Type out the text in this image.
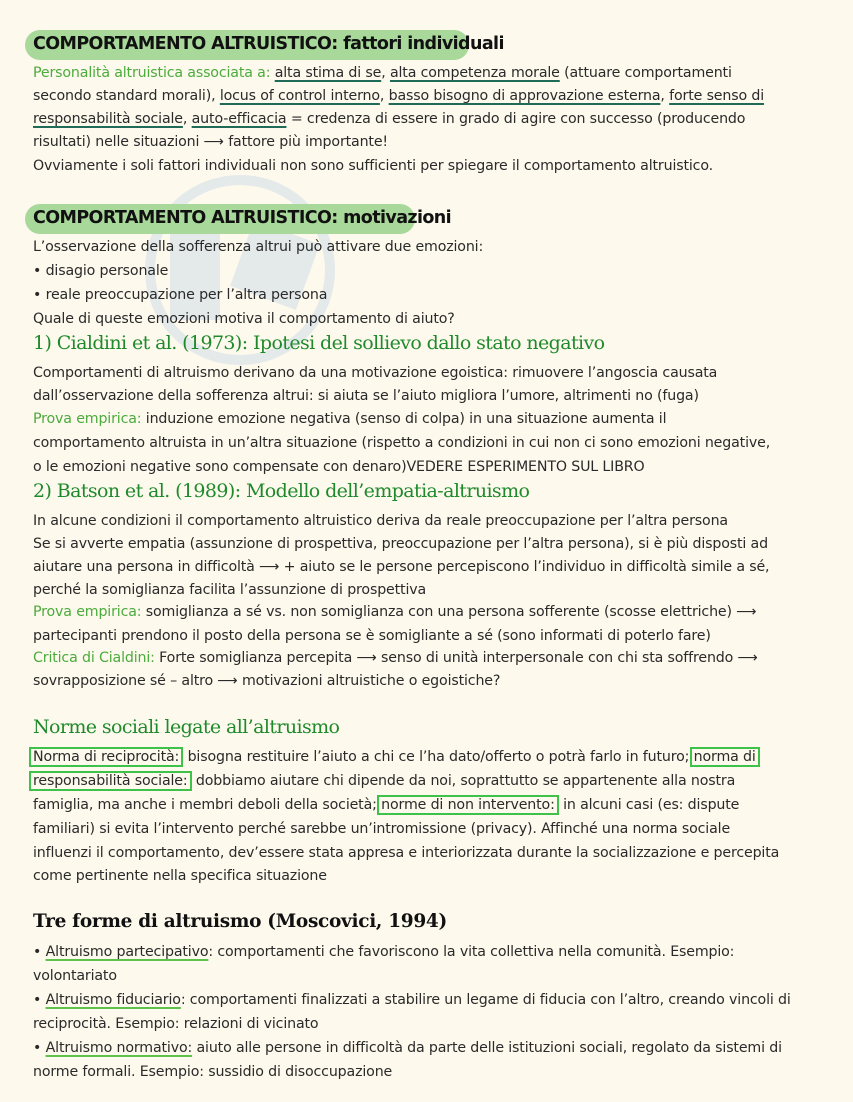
COMPORTAMENTO ALTRUISTICO: fattori individuali
Personalità altruistica associata a: alta stima di se, alta competenza morale (attuare comportamenti
secondo standard morali), locus of control interno, basso bisogno di approvazione esterna, forte senso di
responsabilità sociale, auto-efficacia = credenza di essere in grado di agire con successo (producendo
risultati) nelle situazioni ⟶ fattore più importante!
Ovviamente i soli fattori individuali non sono sufficienti per spiegare il comportamento altruistico.
COMPORTAMENTO ALTRUISTICO: motivazioni
L’osservazione della sofferenza altrui può attivare due emozioni:
• disagio personale
• reale preoccupazione per l’altra persona
Quale di queste emozioni motiva il comportamento di aiuto?
1) Cialdini et al. (1973): Ipotesi del sollievo dallo stato negativo
Comportamenti di altruismo derivano da una motivazione egoistica: rimuovere l’angoscia causata
dall’osservazione della sofferenza altrui: si aiuta se l’aiuto migliora l’umore, altrimenti no (fuga)
Prova empirica: induzione emozione negativa (senso di colpa) in una situazione aumenta il
comportamento altruista in un’altra situazione (rispetto a condizioni in cui non ci sono emozioni negative,
o le emozioni negative sono compensate con denaro)VEDERE ESPERIMENTO SUL LIBRO
2) Batson et al. (1989): Modello dell’empatia-altruismo
In alcune condizioni il comportamento altruistico deriva da reale preoccupazione per l’altra persona
Se si avverte empatia (assunzione di prospettiva, preoccupazione per l’altra persona), si è più disposti ad
aiutare una persona in difficoltà ⟶ + aiuto se le persone percepiscono l’individuo in difficoltà simile a sé,
perché la somiglianza facilita l’assunzione di prospettiva
Prova empirica: somiglianza a sé vs. non somiglianza con una persona sofferente (scosse elettriche) ⟶
partecipanti prendono il posto della persona se è somigliante a sé (sono informati di poterlo fare)
Critica di Cialdini: Forte somiglianza percepita ⟶ senso di unità interpersonale con chi sta soffrendo ⟶
sovrapposizione sé – altro ⟶ motivazioni altruistiche o egoistiche?
Norme sociali legate all’altruismo
Norma di reciprocità: bisogna restituire l’aiuto a chi ce l’ha dato/offerto o potrà farlo in futuro; norma di
responsabilità sociale: dobbiamo aiutare chi dipende da noi, soprattutto se appartenente alla nostra
famiglia, ma anche i membri deboli della società; norme di non intervento: in alcuni casi (es: dispute
familiari) si evita l’intervento perché sarebbe un’intromissione (privacy). Affinché una norma sociale
influenzi il comportamento, dev’essere stata appresa e interiorizzata durante la socializzazione e percepita
come pertinente nella specifica situazione
Tre forme di altruismo (Moscovici, 1994)
• Altruismo partecipativo: comportamenti che favoriscono la vita collettiva nella comunità. Esempio:
volontariato
• Altruismo fiduciario: comportamenti finalizzati a stabilire un legame di fiducia con l’altro, creando vincoli di
reciprocità. Esempio: relazioni di vicinato
• Altruismo normativo: aiuto alle persone in difficoltà da parte delle istituzioni sociali, regolato da sistemi di
norme formali. Esempio: sussidio di disoccupazione
